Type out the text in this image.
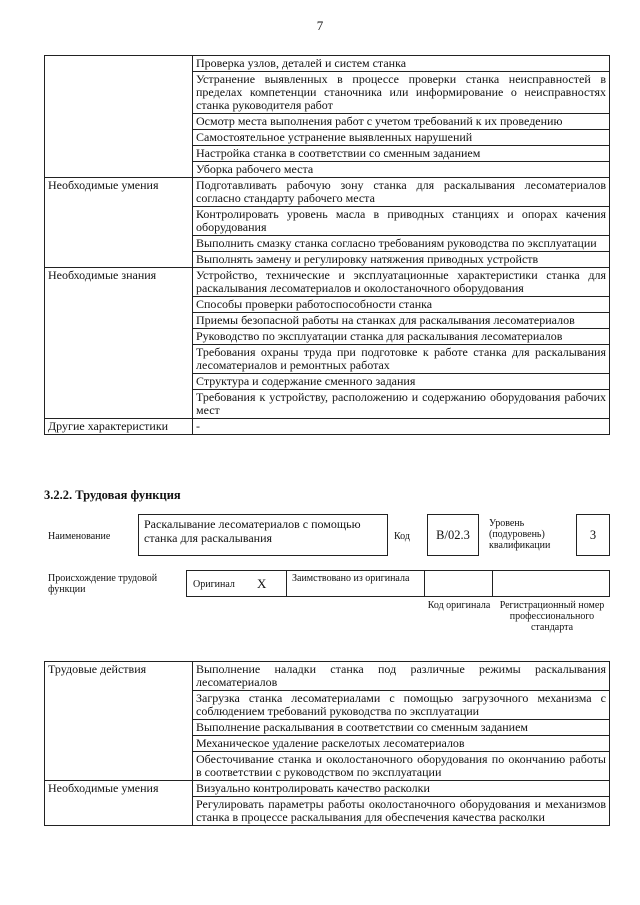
7
	Проверка узлов, деталей и систем станка
	Устранение выявленных в процессе проверки станка неисправностей в пределах компетенции станочника или информирование о неисправностях станка руководителя работ
	Осмотр места выполнения работ с учетом требований к их проведению
	Самостоятельное устранение выявленных нарушений
	Настройка станка в соответствии со сменным заданием
	Уборка рабочего места
Необходимые умения	Подготавливать рабочую зону станка для раскалывания лесоматериалов согласно стандарту рабочего места
	Контролировать уровень масла в приводных станциях и опорах качения оборудования
	Выполнить смазку станка согласно требованиям руководства по эксплуатации
	Выполнять замену и регулировку натяжения приводных устройств
Необходимые знания	Устройство, технические и эксплуатационные характеристики станка для раскалывания лесоматериалов и околостаночного оборудования
	Способы проверки работоспособности станка
	Приемы безопасной работы на станках для раскалывания лесоматериалов
	Руководство по эксплуатации станка для раскалывания лесоматериалов
	Требования охраны труда при подготовке к работе станка для раскалывания лесоматериалов и ремонтных работах
	Структура и содержание сменного задания
	Требования к устройству, расположению и содержанию оборудования рабочих мест
Другие характеристики	-
3.2.2. Трудовая функция
Наименование
Раскалывание лесоматериалов с помощью станка для раскалывания	Код	В/02.3
Уровень (подуровень) квалификации
3
Происхождение трудовой функции	Оригинал X	Заимствовано из оригинала
Код оригинала Регистрационный номер профессионального стандарта
Трудовые действия	Выполнение наладки станка под различные режимы раскалывания лесоматериалов
	Загрузка станка лесоматериалами с помощью загрузочного механизма с соблюдением требований руководства по эксплуатации
	Выполнение раскалывания в соответствии со сменным заданием
	Механическое удаление раскелотых лесоматериалов
	Обесточивание станка и околостаночного оборудования по окончанию работы в соответствии с руководством по эксплуатации
Необходимые умения	Визуально контролировать качество расколки
	Регулировать параметры работы околостаночного оборудования и механизмов станка в процессе раскалывания для обеспечения качества расколки
